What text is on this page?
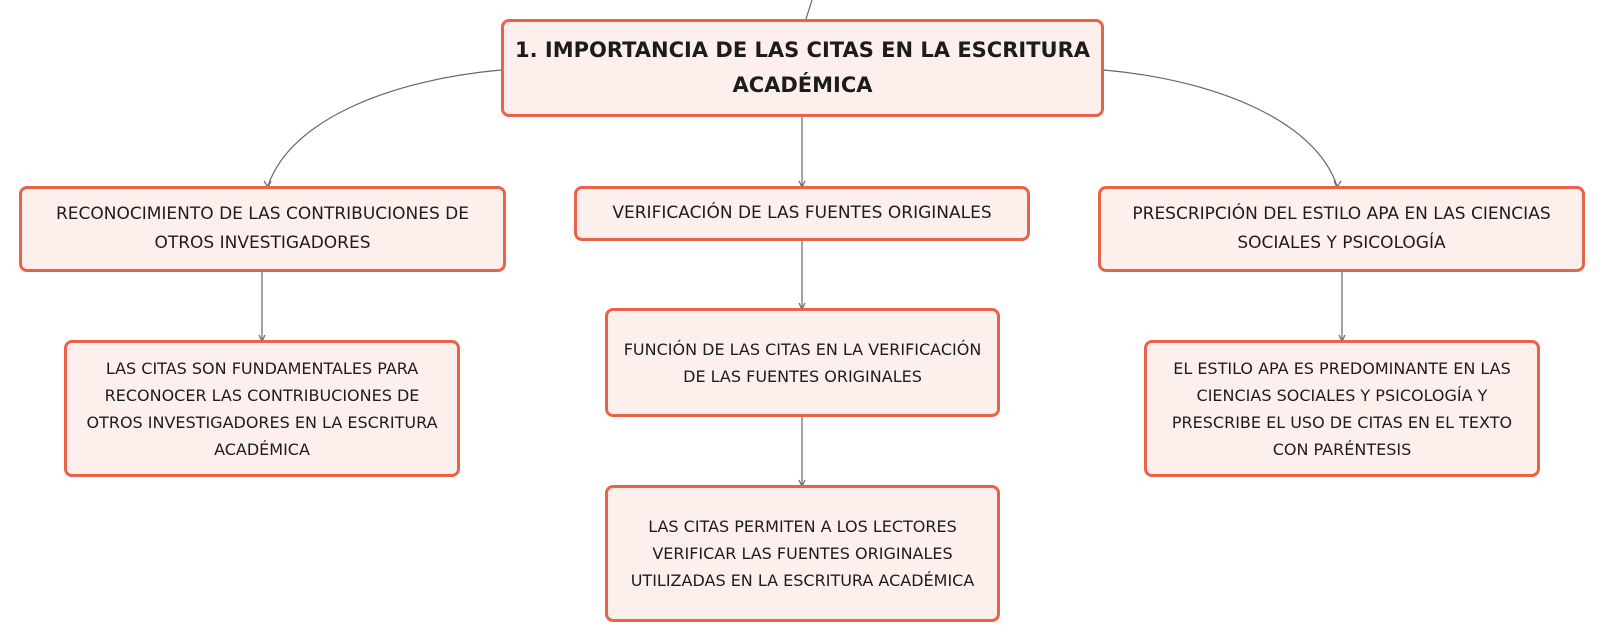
1. IMPORTANCIA DE LAS CITAS EN LA ESCRITURA
ACADÉMICA
RECONOCIMIENTO DE LAS CONTRIBUCIONES DE
OTROS INVESTIGADORES
VERIFICACIÓN DE LAS FUENTES ORIGINALES	PRESCRIPCIÓN DEL ESTILO APA EN LAS CIENCIAS
SOCIALES Y PSICOLOGÍA
LAS CITAS SON FUNDAMENTALES PARA
RECONOCER LAS CONTRIBUCIONES DE
OTROS INVESTIGADORES EN LA ESCRITURA
ACADÉMICA
FUNCIÓN DE LAS CITAS EN LA VERIFICACIÓN
DE LAS FUENTES ORIGINALES
LAS CITAS PERMITEN A LOS LECTORES
VERIFICAR LAS FUENTES ORIGINALES
UTILIZADAS EN LA ESCRITURA ACADÉMICA
EL ESTILO APA ES PREDOMINANTE EN LAS
CIENCIAS SOCIALES Y PSICOLOGÍA Y
PRESCRIBE EL USO DE CITAS EN EL TEXTO
CON PARÉNTESIS
